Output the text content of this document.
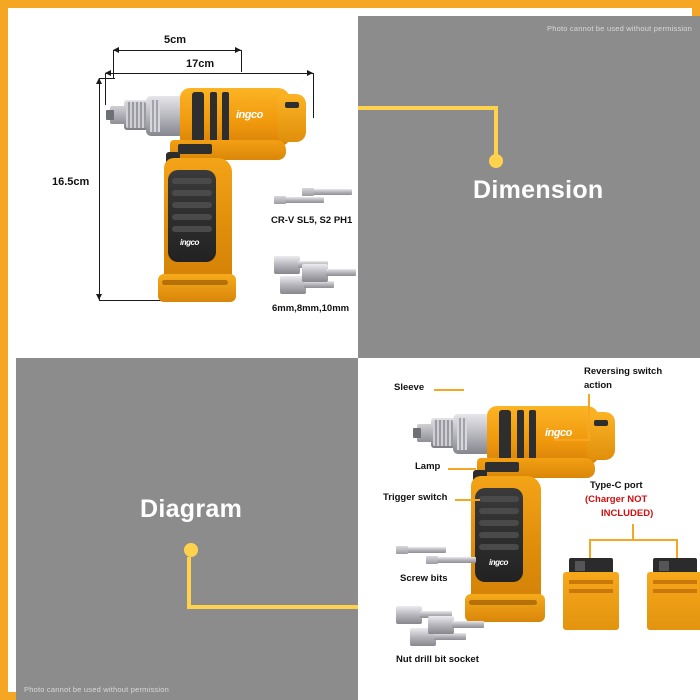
5cm
17cm
16.5cm
ingco
ingco
CR-V SL5, S2 PH1
6mm,8mm,10mm
Photo cannot be used without permission
Dimension
Diagram
Photo cannot be used without permission
ingco
ingco
Sleeve
Lamp
Trigger switch
Reversing switch
action
Type-C port
(Charger NOT
INCLUDED)
Screw bits
Nut drill bit socket
